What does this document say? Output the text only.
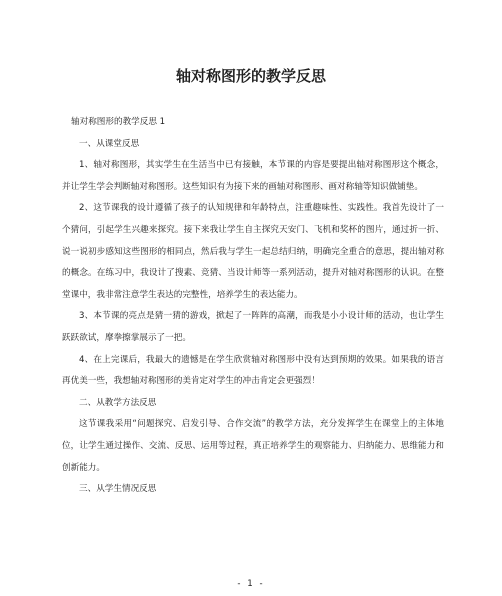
轴对称图形的教学反思

轴对称图形的教学反思 1

一、从课堂反思

1、轴对称图形，其实学生在生活当中已有接触，本节课的内容是要提出轴对称图形这个概念，并让学生学会判断轴对称图形。这些知识有为接下来的画轴对称图形、画对称轴等知识做铺垫。

2、这节课我的设计遵循了孩子的认知规律和年龄特点，注重趣味性、实践性。我首先设计了一个猜问，引起学生兴趣来探究。接下来我让学生自主探究天安门、飞机和奖杯的图片，通过折一折、说一说初步感知这些图形的相同点，然后我与学生一起总结归纳，明确完全重合的意思，提出轴对称的概念。在练习中，我设计了搜素、竞猜、当设计师等一系列活动，提升对轴对称图形的认识。在整堂课中，我非常注意学生表达的完整性，培养学生的表达能力。

3、本节课的亮点是猜一猜的游戏，掀起了一阵阵的高潮，而我是小小设计师的活动，也让学生跃跃欲试，摩拳擦掌展示了一把。

4、在上完课后，我最大的遗憾是在学生欣赏轴对称图形中没有达到预期的效果。如果我的语言再优美一些，我想轴对称图形的美肯定对学生的冲击肯定会更强烈！

二、从教学方法反思

这节课我采用“问题探究、启发引导、合作交流”的教学方法，充分发挥学生在课堂上的主体地位，让学生通过操作、交流、反思、运用等过程，真正培养学生的观察能力、归纳能力、思维能力和创新能力。

三、从学生情况反思

- 1 -
